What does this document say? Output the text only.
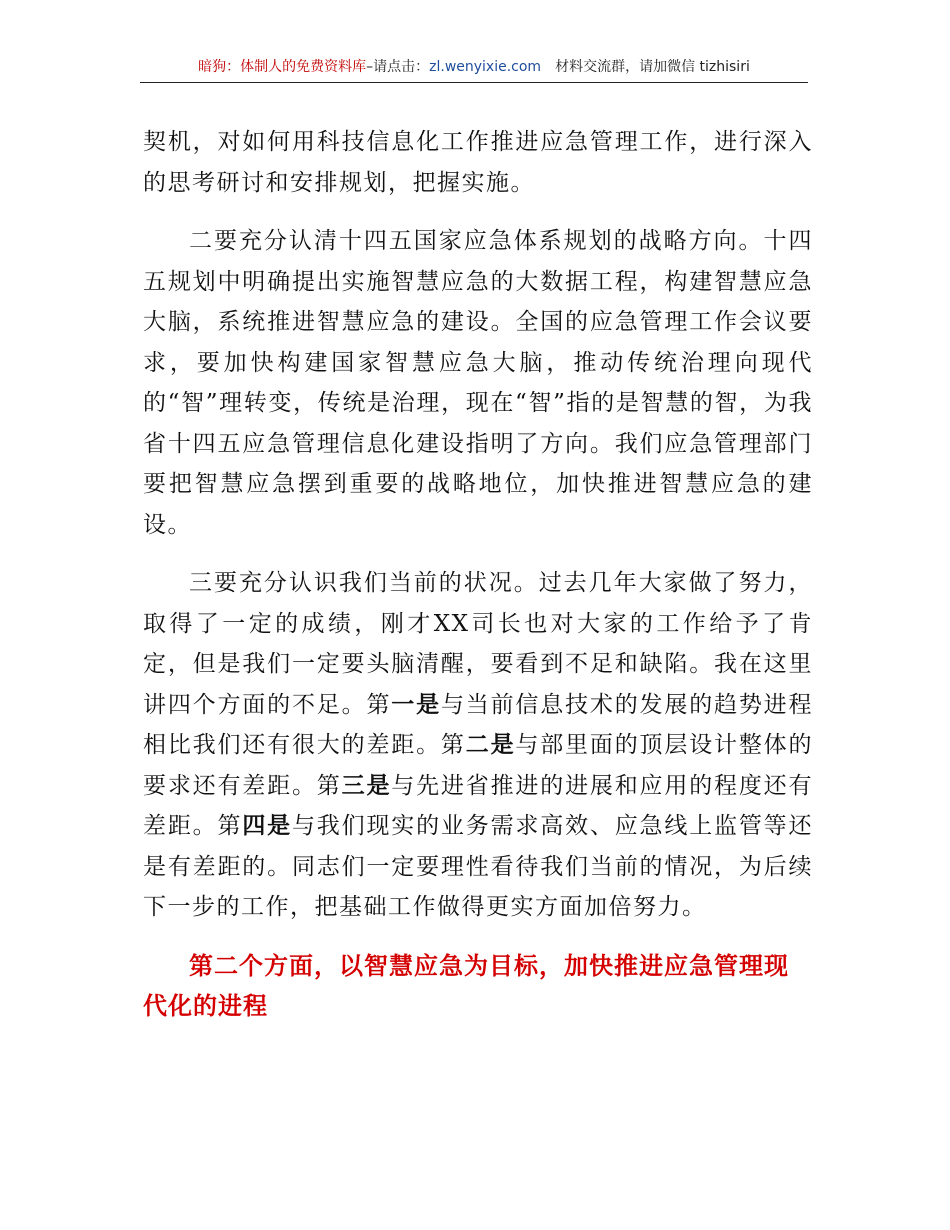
暗狗：体制人的免费资料库–请点击：zl.wenyixie.com 材料交流群，请加微信 tizhisiri

契机，对如何用科技信息化工作推进应急管理工作，进行深入的思考研讨和安排规划，把握实施。

二要充分认清十四五国家应急体系规划的战略方向。十四五规划中明确提出实施智慧应急的大数据工程，构建智慧应急大脑，系统推进智慧应急的建设。全国的应急管理工作会议要求，要加快构建国家智慧应急大脑，推动传统治理向现代的“智”理转变，传统是治理，现在“智”指的是智慧的智，为我省十四五应急管理信息化建设指明了方向。我们应急管理部门要把智慧应急摆到重要的战略地位，加快推进智慧应急的建设。

三要充分认识我们当前的状况。过去几年大家做了努力，取得了一定的成绩，刚才XX司长也对大家的工作给予了肯定，但是我们一定要头脑清醒，要看到不足和缺陷。我在这里讲四个方面的不足。第一是与当前信息技术的发展的趋势进程相比我们还有很大的差距。第二是与部里面的顶层设计整体的要求还有差距。第三是与先进省推进的进展和应用的程度还有差距。第四是与我们现实的业务需求高效、应急线上监管等还是有差距的。同志们一定要理性看待我们当前的情况，为后续下一步的工作，把基础工作做得更实方面加倍努力。

第二个方面，以智慧应急为目标，加快推进应急管理现代化的进程
